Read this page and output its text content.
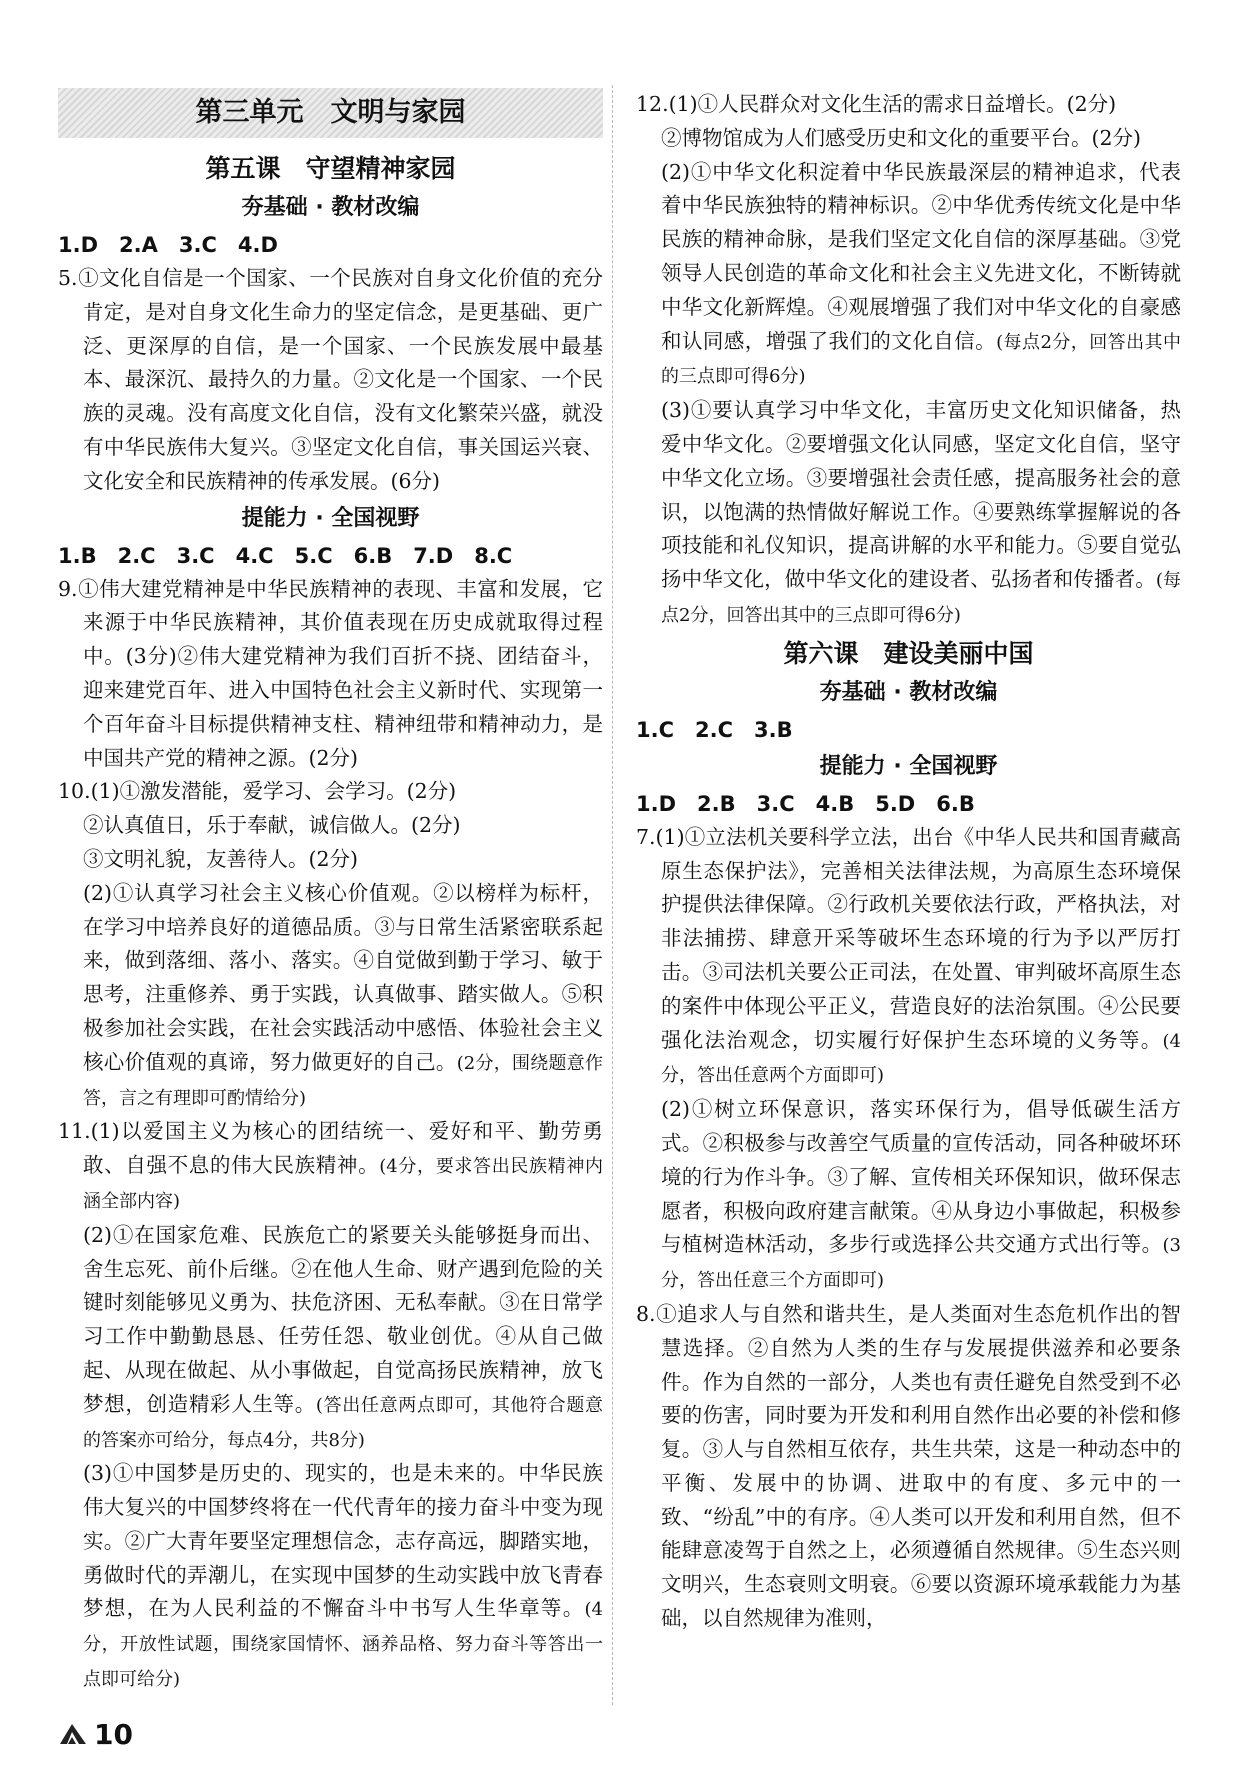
第三单元　文明与家园
第五课　守望精神家园
夯基础 · 教材改编

1.D　2.A　3.C　4.D

5.①文化自信是一个国家、一个民族对自身文化价值的充分肯定，是对自身文化生命力的坚定信念，是更基础、更广泛、更深厚的自信，是一个国家、一个民族发展中最基本、最深沉、最持久的力量。②文化是一个国家、一个民族的灵魂。没有高度文化自信，没有文化繁荣兴盛，就没有中华民族伟大复兴。③坚定文化自信，事关国运兴衰、文化安全和民族精神的传承发展。(6分)

提能力 · 全国视野

1.B　2.C　3.C　4.C　5.C　6.B　7.D　8.C

9.①伟大建党精神是中华民族精神的表现、丰富和发展，它来源于中华民族精神，其价值表现在历史成就取得过程中。(3分)②伟大建党精神为我们百折不挠、团结奋斗，迎来建党百年、进入中国特色社会主义新时代、实现第一个百年奋斗目标提供精神支柱、精神纽带和精神动力，是中国共产党的精神之源。(2分)

10.(1)①激发潜能，爱学习、会学习。(2分)

②认真值日，乐于奉献，诚信做人。(2分)

③文明礼貌，友善待人。(2分)

(2)①认真学习社会主义核心价值观。②以榜样为标杆，在学习中培养良好的道德品质。③与日常生活紧密联系起来，做到落细、落小、落实。④自觉做到勤于学习、敏于思考，注重修养、勇于实践，认真做事、踏实做人。⑤积极参加社会实践，在社会实践活动中感悟、体验社会主义核心价值观的真谛，努力做更好的自己。(2分，围绕题意作答，言之有理即可酌情给分)

11.(1)以爱国主义为核心的团结统一、爱好和平、勤劳勇敢、自强不息的伟大民族精神。(4分，要求答出民族精神内涵全部内容)

(2)①在国家危难、民族危亡的紧要关头能够挺身而出、舍生忘死、前仆后继。②在他人生命、财产遇到危险的关键时刻能够见义勇为、扶危济困、无私奉献。③在日常学习工作中勤勤恳恳、任劳任怨、敬业创优。④从自己做起、从现在做起、从小事做起，自觉高扬民族精神，放飞梦想，创造精彩人生等。(答出任意两点即可，其他符合题意的答案亦可给分，每点4分，共8分)

(3)①中国梦是历史的、现实的，也是未来的。中华民族伟大复兴的中国梦终将在一代代青年的接力奋斗中变为现实。②广大青年要坚定理想信念，志存高远，脚踏实地，勇做时代的弄潮儿，在实现中国梦的生动实践中放飞青春梦想，在为人民利益的不懈奋斗中书写人生华章等。(4分，开放性试题，围绕家国情怀、涵养品格、努力奋斗等答出一点即可给分)

12.(1)①人民群众对文化生活的需求日益增长。(2分)

②博物馆成为人们感受历史和文化的重要平台。(2分)

(2)①中华文化积淀着中华民族最深层的精神追求，代表着中华民族独特的精神标识。②中华优秀传统文化是中华民族的精神命脉，是我们坚定文化自信的深厚基础。③党领导人民创造的革命文化和社会主义先进文化，不断铸就中华文化新辉煌。④观展增强了我们对中华文化的自豪感和认同感，增强了我们的文化自信。(每点2分，回答出其中的三点即可得6分)

(3)①要认真学习中华文化，丰富历史文化知识储备，热爱中华文化。②要增强文化认同感，坚定文化自信，坚守中华文化立场。③要增强社会责任感，提高服务社会的意识，以饱满的热情做好解说工作。④要熟练掌握解说的各项技能和礼仪知识，提高讲解的水平和能力。⑤要自觉弘扬中华文化，做中华文化的建设者、弘扬者和传播者。(每点2分，回答出其中的三点即可得6分)

第六课　建设美丽中国
夯基础 · 教材改编

1.C　2.C　3.B

提能力 · 全国视野

1.D　2.B　3.C　4.B　5.D　6.B

7.(1)①立法机关要科学立法，出台《中华人民共和国青藏高原生态保护法》，完善相关法律法规，为高原生态环境保护提供法律保障。②行政机关要依法行政，严格执法，对非法捕捞、肆意开采等破坏生态环境的行为予以严厉打击。③司法机关要公正司法，在处置、审判破坏高原生态的案件中体现公平正义，营造良好的法治氛围。④公民要强化法治观念，切实履行好保护生态环境的义务等。(4分，答出任意两个方面即可)

(2)①树立环保意识，落实环保行为，倡导低碳生活方式。②积极参与改善空气质量的宣传活动，同各种破坏环境的行为作斗争。③了解、宣传相关环保知识，做环保志愿者，积极向政府建言献策。④从身边小事做起，积极参与植树造林活动，多步行或选择公共交通方式出行等。(3分，答出任意三个方面即可)

8.①追求人与自然和谐共生，是人类面对生态危机作出的智慧选择。②自然为人类的生存与发展提供滋养和必要条件。作为自然的一部分，人类也有责任避免自然受到不必要的伤害，同时要为开发和利用自然作出必要的补偿和修复。③人与自然相互依存，共生共荣，这是一种动态中的平衡、发展中的协调、进取中的有度、多元中的一致、“纷乱”中的有序。④人类可以开发和利用自然，但不能肆意凌驾于自然之上，必须遵循自然规律。⑤生态兴则文明兴，生态衰则文明衰。⑥要以资源环境承载能力为基础，以自然规律为准则，

10
